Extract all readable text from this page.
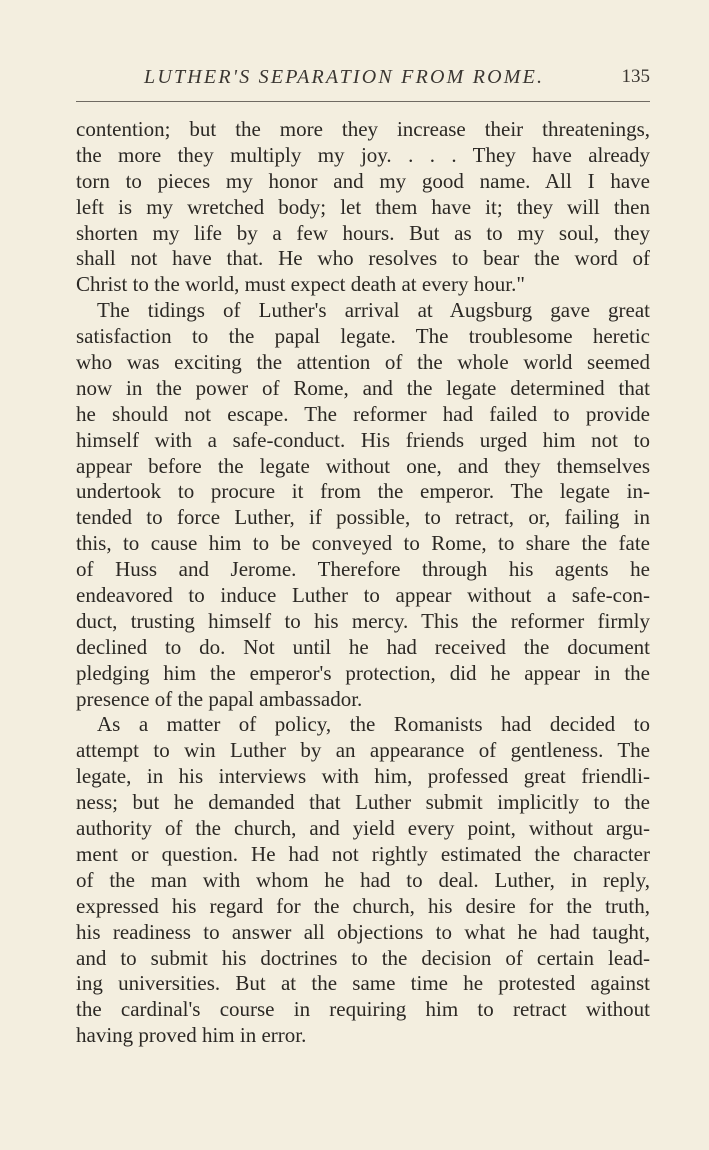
LUTHER'S SEPARATION FROM ROME.	135
contention; but the more they increase their threatenings,
the more they multiply my joy. . . . They have already
torn to pieces my honor and my good name. All I have
left is my wretched body; let them have it; they will then
shorten my life by a few hours. But as to my soul, they
shall not have that. He who resolves to bear the word of
Christ to the world, must expect death at every hour."
 The tidings of Luther's arrival at Augsburg gave great
satisfaction to the papal legate. The troublesome heretic
who was exciting the attention of the whole world seemed
now in the power of Rome, and the legate determined that
he should not escape. The reformer had failed to provide
himself with a safe-conduct. His friends urged him not to
appear before the legate without one, and they themselves
undertook to procure it from the emperor. The legate in-
tended to force Luther, if possible, to retract, or, failing in
this, to cause him to be conveyed to Rome, to share the fate
of Huss and Jerome. Therefore through his agents he
endeavored to induce Luther to appear without a safe-con-
duct, trusting himself to his mercy. This the reformer firmly
declined to do. Not until he had received the document
pledging him the emperor's protection, did he appear in the
presence of the papal ambassador.
 As a matter of policy, the Romanists had decided to
attempt to win Luther by an appearance of gentleness. The
legate, in his interviews with him, professed great friendli-
ness; but he demanded that Luther submit implicitly to the
authority of the church, and yield every point, without argu-
ment or question. He had not rightly estimated the character
of the man with whom he had to deal. Luther, in reply,
expressed his regard for the church, his desire for the truth,
his readiness to answer all objections to what he had taught,
and to submit his doctrines to the decision of certain lead-
ing universities. But at the same time he protested against
the cardinal's course in requiring him to retract without
having proved him in error.
